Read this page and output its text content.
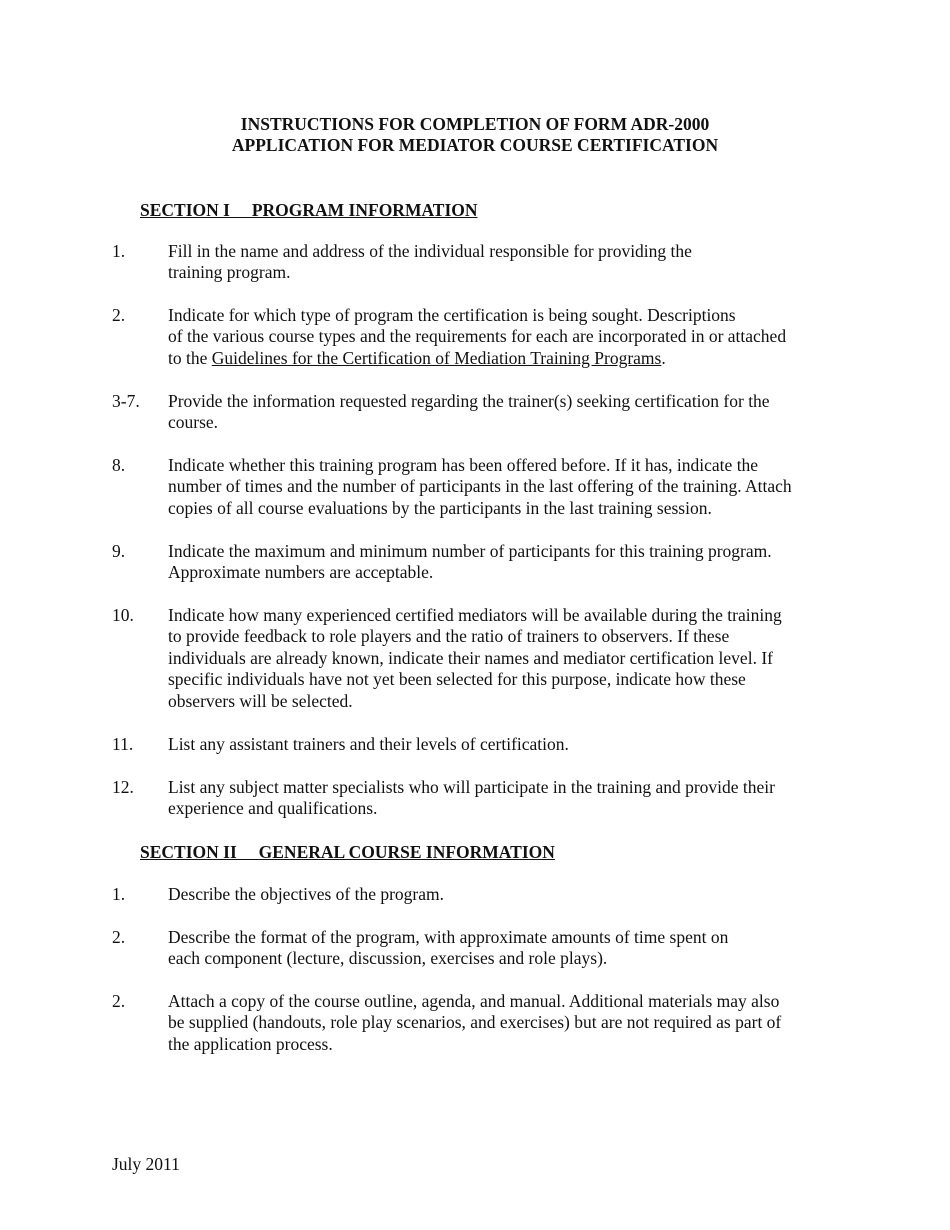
INSTRUCTIONS FOR COMPLETION OF FORM ADR-2000
APPLICATION FOR MEDIATOR COURSE CERTIFICATION
SECTION I     PROGRAM INFORMATION
1. Fill in the name and address of the individual responsible for providing the
training program.
2. Indicate for which type of program the certification is being sought. Descriptions
of the various course types and the requirements for each are incorporated in or attached
to the Guidelines for the Certification of Mediation Training Programs.
3-7. Provide the information requested regarding the trainer(s) seeking certification for the
course.
8. Indicate whether this training program has been offered before. If it has, indicate the
number of times and the number of participants in the last offering of the training. Attach
copies of all course evaluations by the participants in the last training session.
9. Indicate the maximum and minimum number of participants for this training program.
Approximate numbers are acceptable.
10. Indicate how many experienced certified mediators will be available during the training
to provide feedback to role players and the ratio of trainers to observers. If these
individuals are already known, indicate their names and mediator certification level. If
specific individuals have not yet been selected for this purpose, indicate how these
observers will be selected.
11. List any assistant trainers and their levels of certification.
12. List any subject matter specialists who will participate in the training and provide their
experience and qualifications.
SECTION II     GENERAL COURSE INFORMATION
1. Describe the objectives of the program.
2. Describe the format of the program, with approximate amounts of time spent on
each component (lecture, discussion, exercises and role plays).
2. Attach a copy of the course outline, agenda, and manual. Additional materials may also
be supplied (handouts, role play scenarios, and exercises) but are not required as part of
the application process.
July 2011
